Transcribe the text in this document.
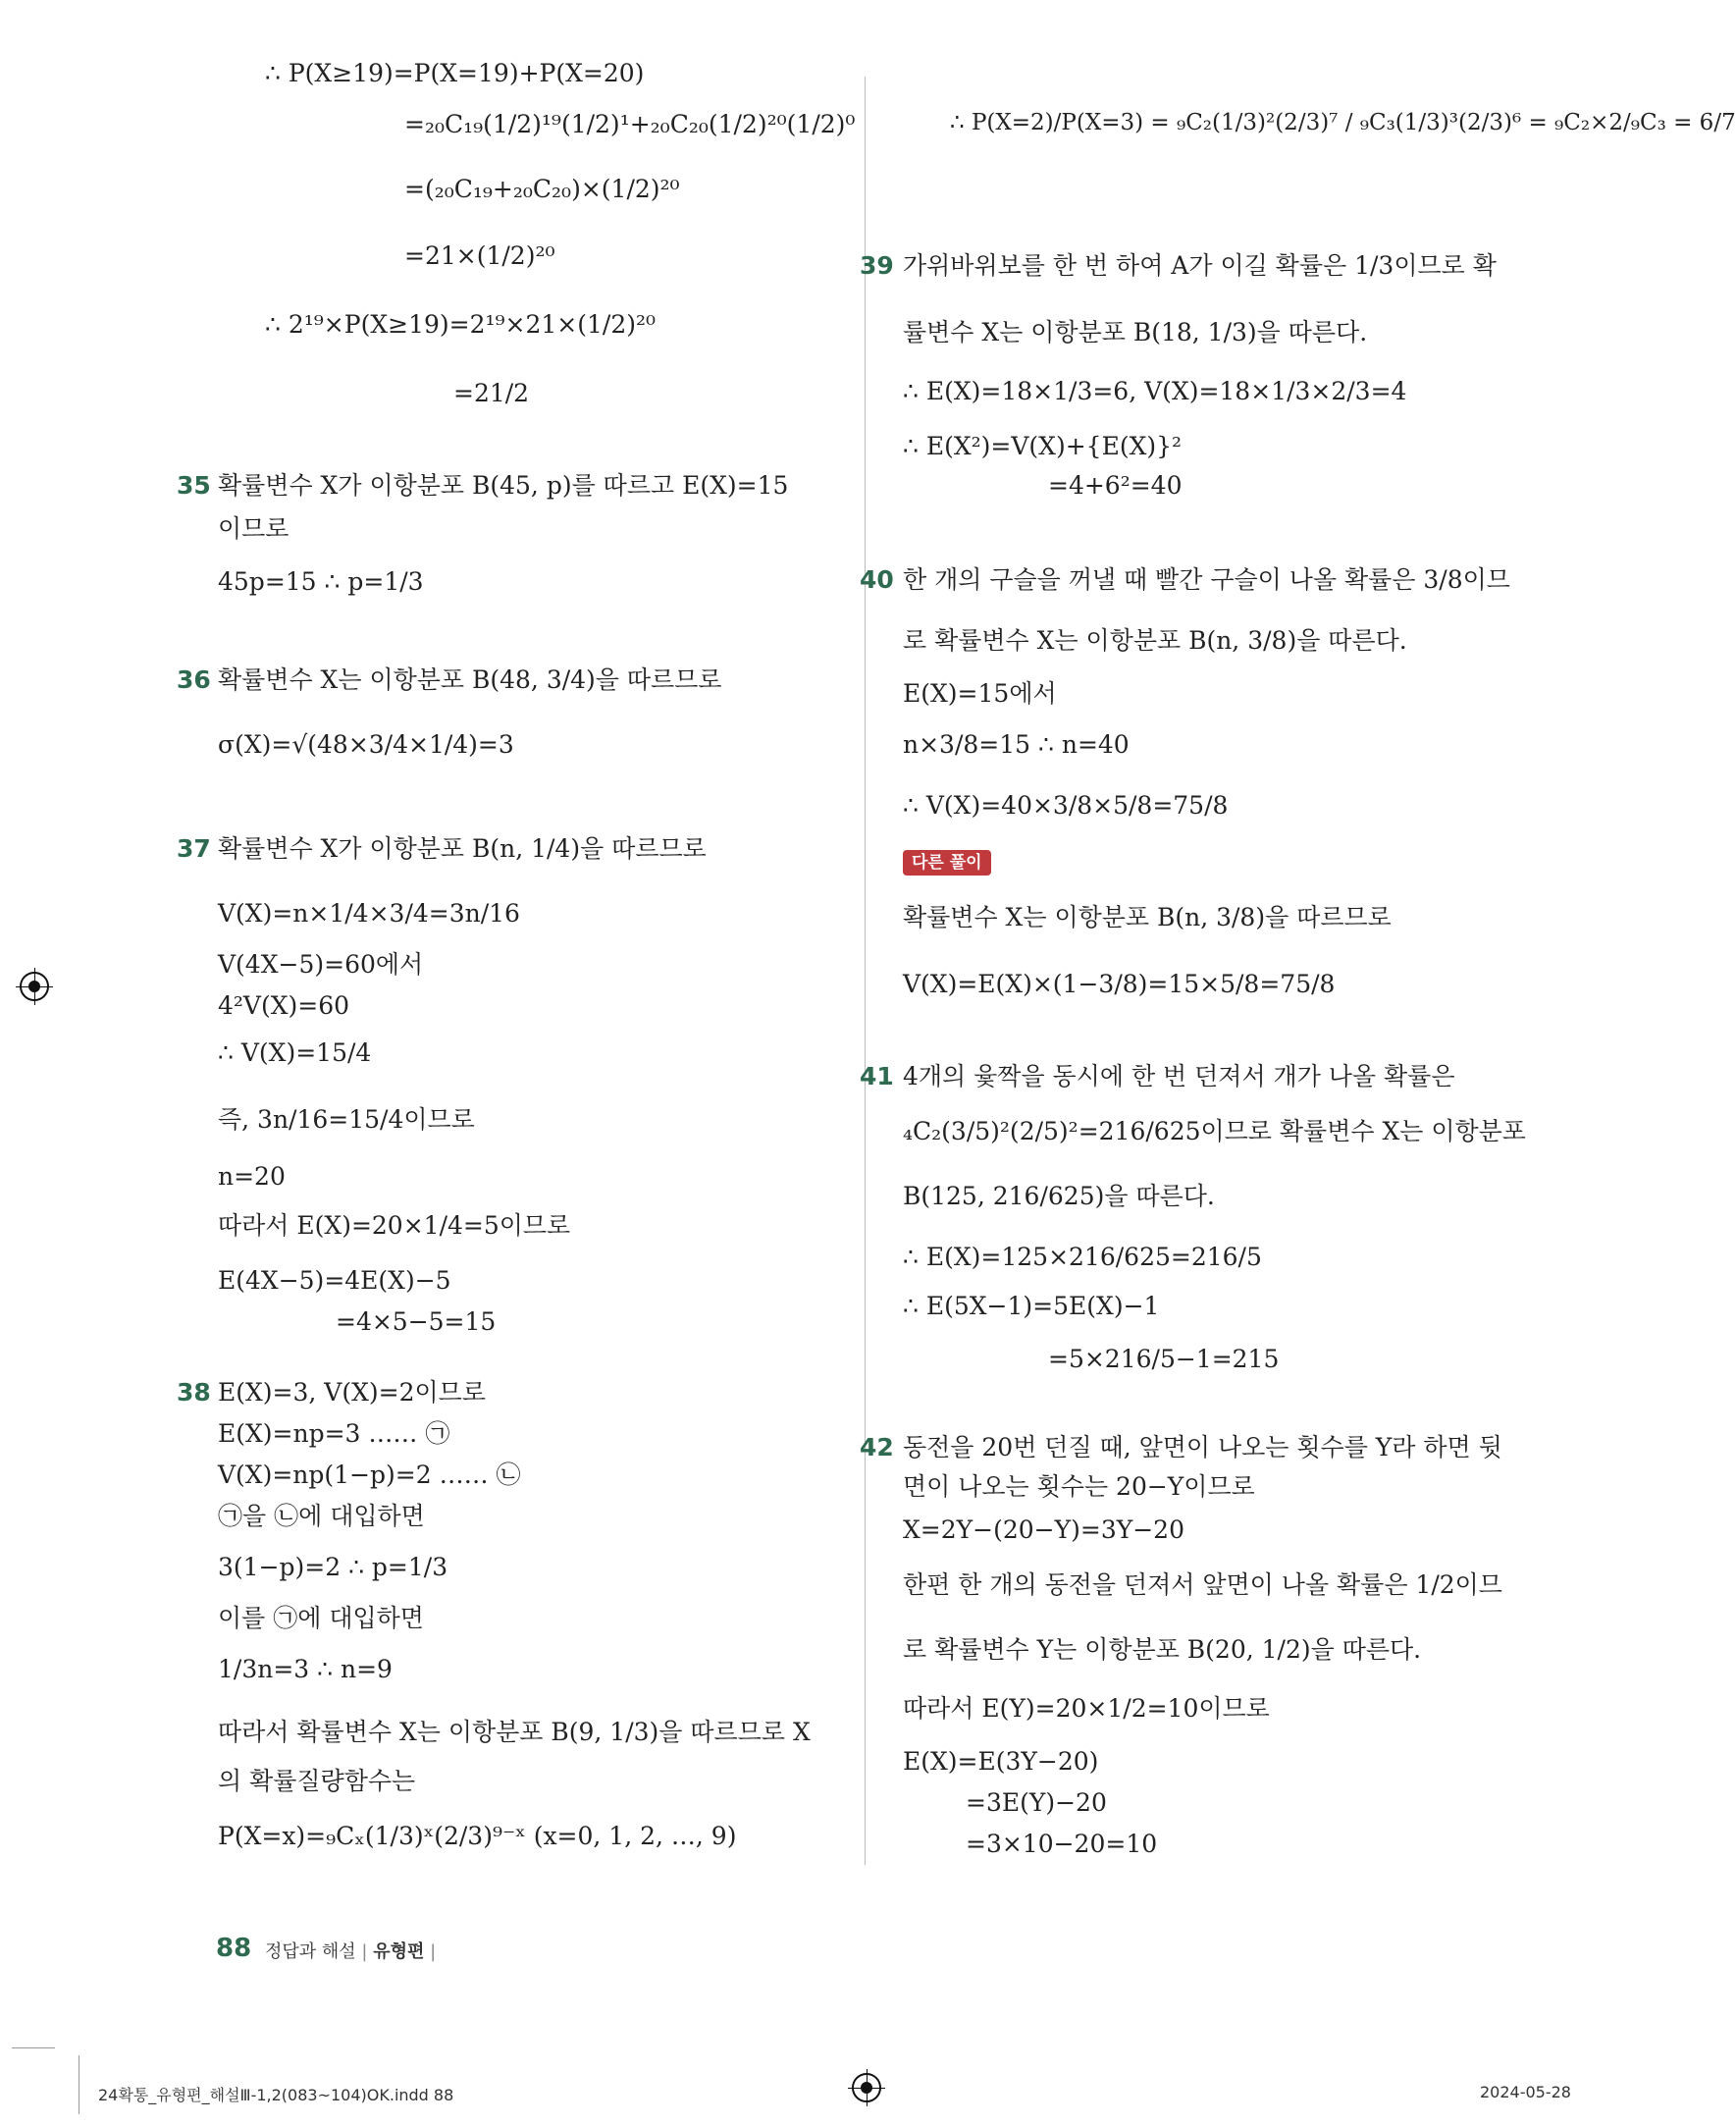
∴ P(X≥19)=P(X=19)+P(X=20)
=₂₀C₁₉(1/2)¹⁹(1/2)¹+₂₀C₂₀(1/2)²⁰(1/2)⁰
=(₂₀C₁₉+₂₀C₂₀)×(1/2)²⁰
=21×(1/2)²⁰
∴ 2¹⁹×P(X≥19)=2¹⁹×21×(1/2)²⁰
=21/2
35 확률변수 X가 이항분포 B(45, p)를 따르고 E(X)=15
이므로
45p=15 ∴ p=1/3
36 확률변수 X는 이항분포 B(48, 3/4)을 따르므로
σ(X)=√(48×3/4×1/4)=3
37 확률변수 X가 이항분포 B(n, 1/4)을 따르므로
V(X)=n×1/4×3/4=3n/16
V(4X−5)=60에서
4²V(X)=60
∴ V(X)=15/4
즉, 3n/16=15/4이므로
n=20
따라서 E(X)=20×1/4=5이므로
E(4X−5)=4E(X)−5
=4×5−5=15
38 E(X)=3, V(X)=2이므로
E(X)=np=3 …… ㉠
V(X)=np(1−p)=2 …… ㉡
㉠을 ㉡에 대입하면
3(1−p)=2 ∴ p=1/3
이를 ㉠에 대입하면
1/3n=3 ∴ n=9
따라서 확률변수 X는 이항분포 B(9, 1/3)을 따르므로 X
의 확률질량함수는
P(X=x)=₉Cₓ(1/3)ˣ(2/3)⁹⁻ˣ (x=0, 1, 2, …, 9)
∴ P(X=2)/P(X=3) = ₉C₂(1/3)²(2/3)⁷ / ₉C₃(1/3)³(2/3)⁶ = ₉C₂×2/₉C₃ = 6/7
39 가위바위보를 한 번 하여 A가 이길 확률은 1/3이므로 확
률변수 X는 이항분포 B(18, 1/3)을 따른다.
∴ E(X)=18×1/3=6, V(X)=18×1/3×2/3=4
∴ E(X²)=V(X)+{E(X)}²
=4+6²=40
40 한 개의 구슬을 꺼낼 때 빨간 구슬이 나올 확률은 3/8이므
로 확률변수 X는 이항분포 B(n, 3/8)을 따른다.
E(X)=15에서
n×3/8=15 ∴ n=40
∴ V(X)=40×3/8×5/8=75/8
다른 풀이
확률변수 X는 이항분포 B(n, 3/8)을 따르므로
V(X)=E(X)×(1−3/8)=15×5/8=75/8
41 4개의 윷짝을 동시에 한 번 던져서 개가 나올 확률은
₄C₂(3/5)²(2/5)²=216/625이므로 확률변수 X는 이항분포
B(125, 216/625)을 따른다.
∴ E(X)=125×216/625=216/5
∴ E(5X−1)=5E(X)−1
=5×216/5−1=215
42 동전을 20번 던질 때, 앞면이 나오는 횟수를 Y라 하면 뒷
면이 나오는 횟수는 20−Y이므로
X=2Y−(20−Y)=3Y−20
한편 한 개의 동전을 던져서 앞면이 나올 확률은 1/2이므
로 확률변수 Y는 이항분포 B(20, 1/2)을 따른다.
따라서 E(Y)=20×1/2=10이므로
E(X)=E(3Y−20)
=3E(Y)−20
=3×10−20=10
88 정답과 해설 | 유형편 |
24확통_유형편_해설Ⅲ-1,2(083~104)OK.indd 88	2024-05-28
